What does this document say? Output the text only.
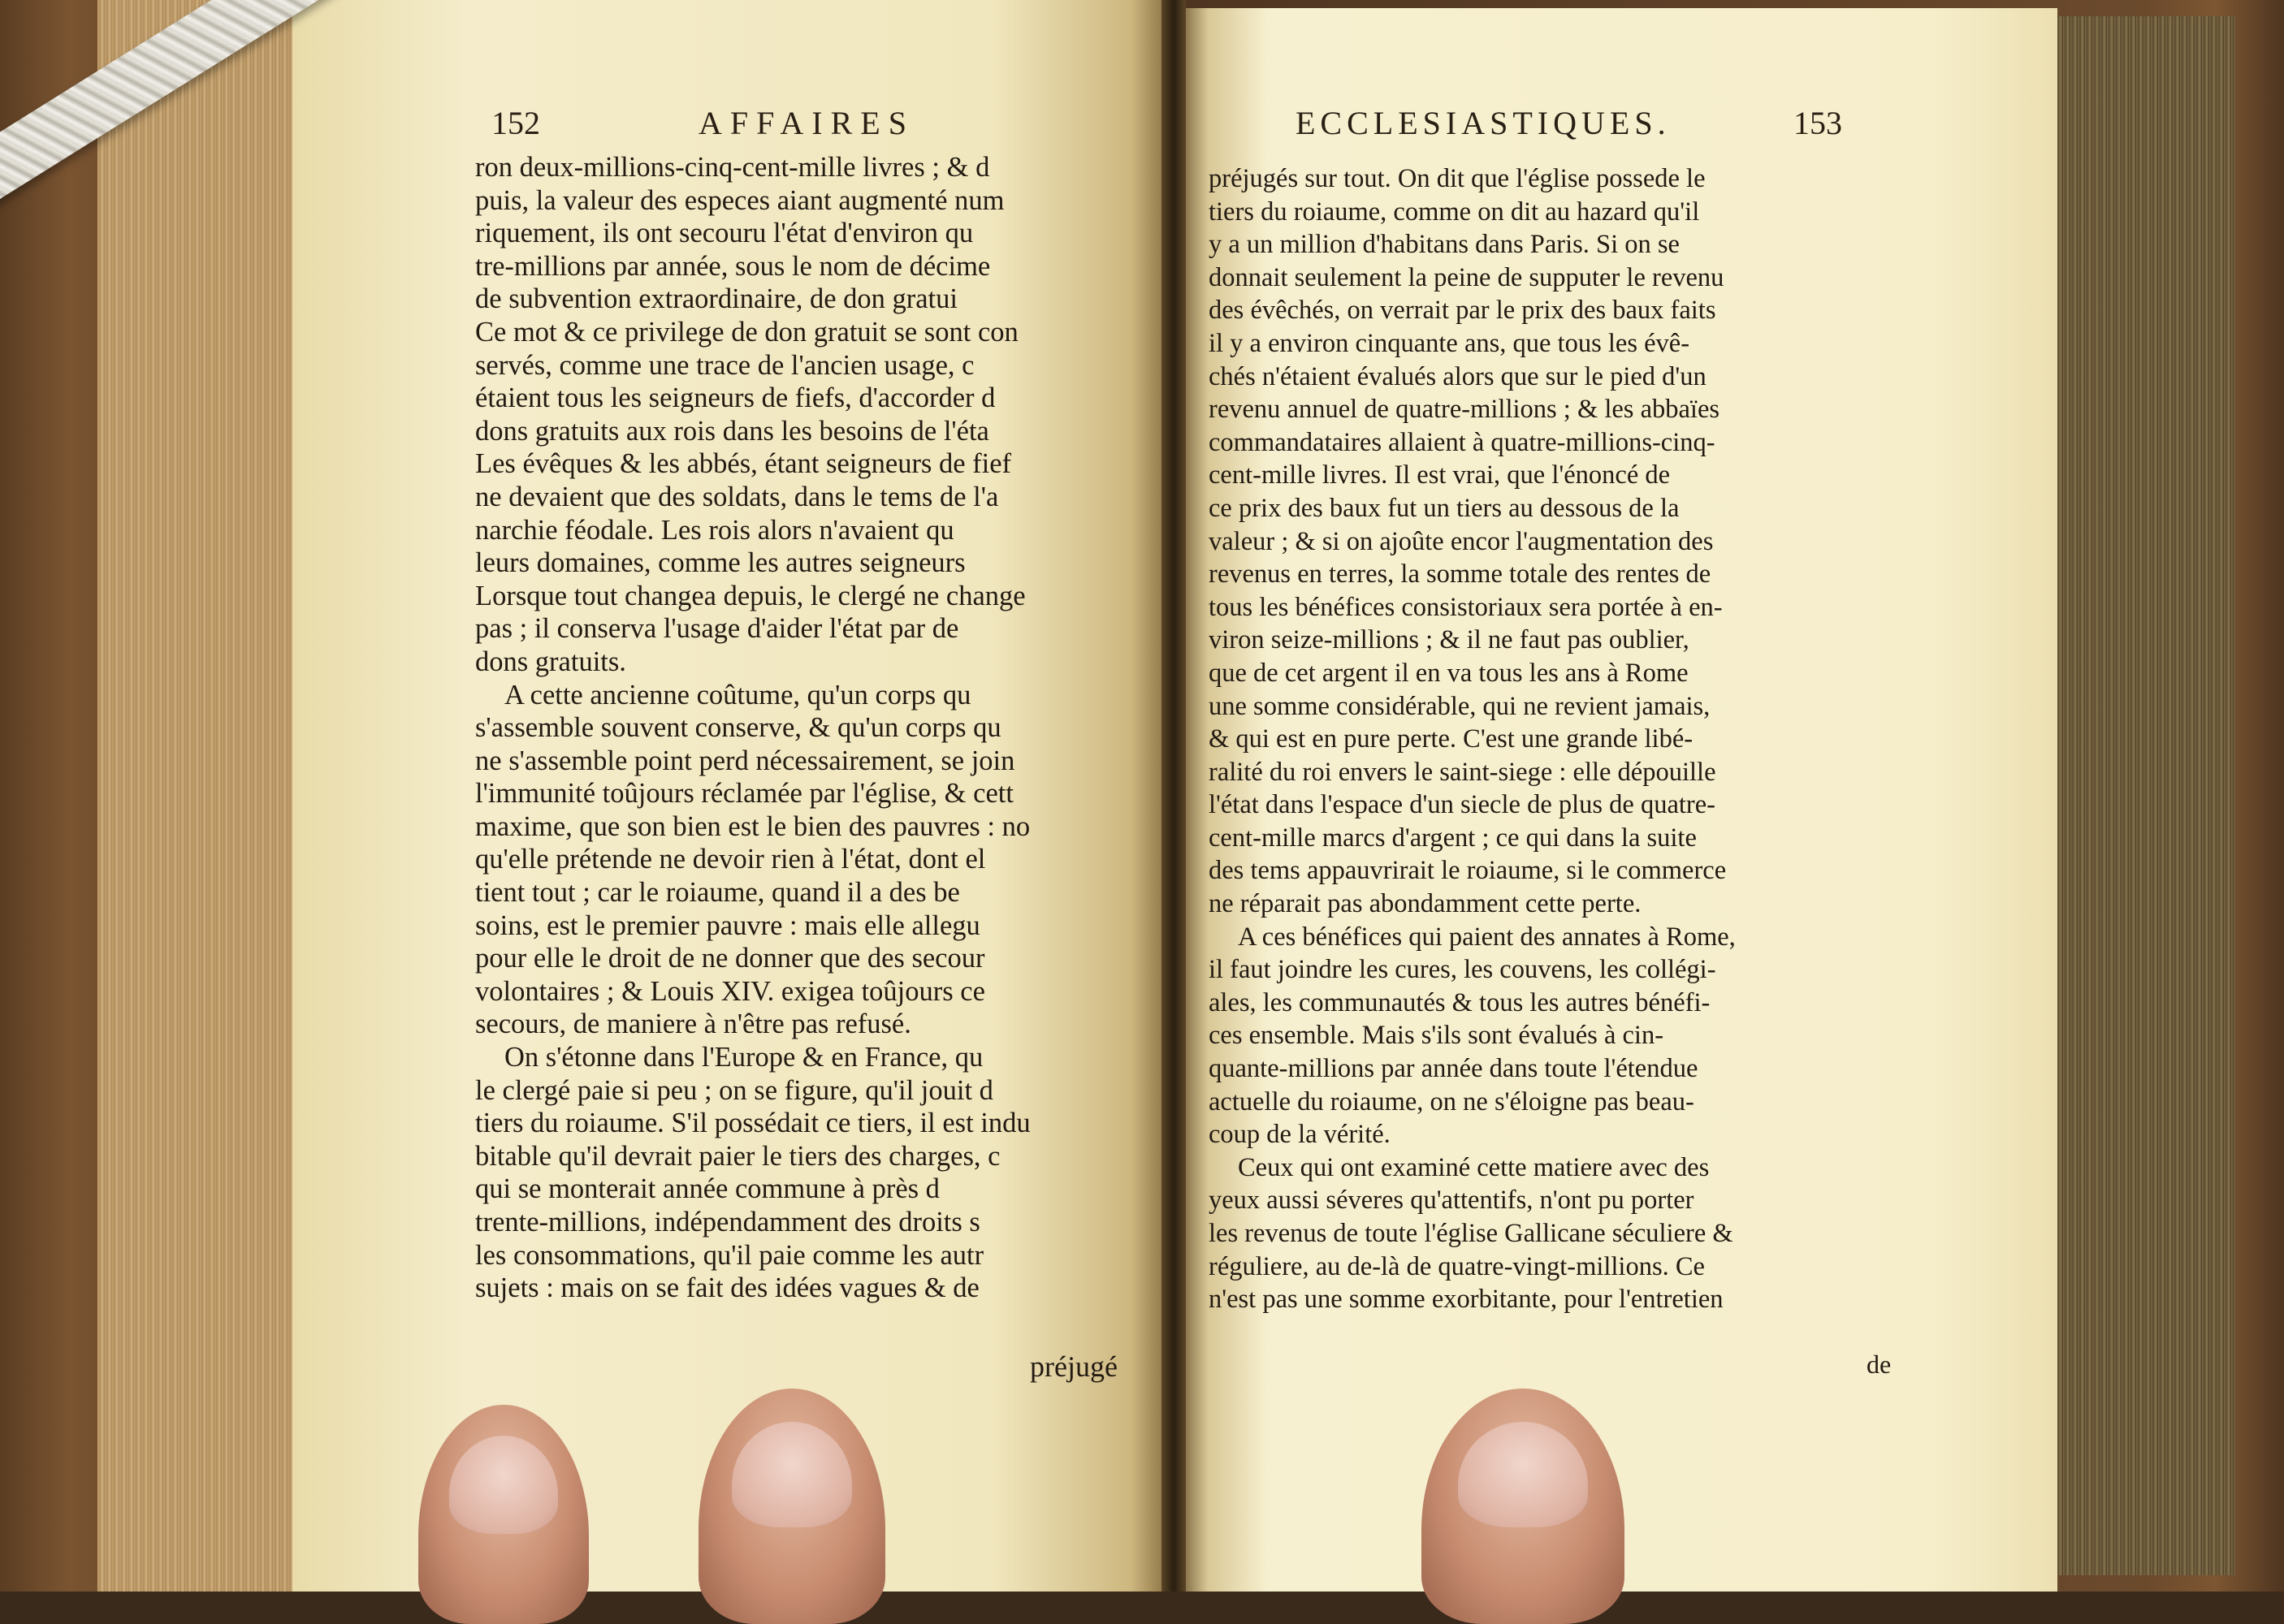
152	AFFAIRES
ron deux-millions-cinq-cent-mille livres ; & d
puis, la valeur des especes aiant augmenté num
riquement, ils ont secouru l'état d'environ qu
tre-millions par année, sous le nom de décime
de subvention extraordinaire, de don gratui
Ce mot & ce privilege de don gratuit se sont con
servés, comme une trace de l'ancien usage, c
étaient tous les seigneurs de fiefs, d'accorder d
dons gratuits aux rois dans les besoins de l'éta
Les évêques & les abbés, étant seigneurs de fief
ne devaient que des soldats, dans le tems de l'a
narchie féodale. Les rois alors n'avaient qu
leurs domaines, comme les autres seigneurs
Lorsque tout changea depuis, le clergé ne change
pas ; il conserva l'usage d'aider l'état par de
dons gratuits.
A cette ancienne coûtume, qu'un corps qu
s'assemble souvent conserve, & qu'un corps qu
ne s'assemble point perd nécessairement, se join
l'immunité toûjours réclamée par l'église, & cett
maxime, que son bien est le bien des pauvres : no
qu'elle prétende ne devoir rien à l'état, dont el
tient tout ; car le roiaume, quand il a des be
soins, est le premier pauvre : mais elle allegu
pour elle le droit de ne donner que des secour
volontaires ; & Louis XIV. exigea toûjours ce
secours, de maniere à n'être pas refusé.
On s'étonne dans l'Europe & en France, qu
le clergé paie si peu ; on se figure, qu'il jouit d
tiers du roiaume. S'il possédait ce tiers, il est indu
bitable qu'il devrait paier le tiers des charges, c
qui se monterait année commune à près d
trente-millions, indépendamment des droits s
les consommations, qu'il paie comme les autr
sujets : mais on se fait des idées vagues & de
préjugé
ECCLESIASTIQUES.	153
préjugés sur tout. On dit que l'église possede le
tiers du roiaume, comme on dit au hazard qu'il
y a un million d'habitans dans Paris. Si on se
donnait seulement la peine de supputer le revenu
des évêchés, on verrait par le prix des baux faits
il y a environ cinquante ans, que tous les évê-
chés n'étaient évalués alors que sur le pied d'un
revenu annuel de quatre-millions ; & les abbaïes
commandataires allaient à quatre-millions-cinq-
cent-mille livres. Il est vrai, que l'énoncé de
ce prix des baux fut un tiers au dessous de la
valeur ; & si on ajoûte encor l'augmentation des
revenus en terres, la somme totale des rentes de
tous les bénéfices consistoriaux sera portée à en-
viron seize-millions ; & il ne faut pas oublier,
que de cet argent il en va tous les ans à Rome
une somme considérable, qui ne revient jamais,
& qui est en pure perte. C'est une grande libé-
ralité du roi envers le saint-siege : elle dépouille
l'état dans l'espace d'un siecle de plus de quatre-
cent-mille marcs d'argent ; ce qui dans la suite
des tems appauvrirait le roiaume, si le commerce
ne réparait pas abondamment cette perte.
A ces bénéfices qui paient des annates à Rome,
il faut joindre les cures, les couvens, les collégi-
ales, les communautés & tous les autres bénéfi-
ces ensemble. Mais s'ils sont évalués à cin-
quante-millions par année dans toute l'étendue
actuelle du roiaume, on ne s'éloigne pas beau-
coup de la vérité.
Ceux qui ont examiné cette matiere avec des
yeux aussi séveres qu'attentifs, n'ont pu porter
les revenus de toute l'église Gallicane séculiere &
réguliere, au de-là de quatre-vingt-millions. Ce
n'est pas une somme exorbitante, pour l'entretien
de
